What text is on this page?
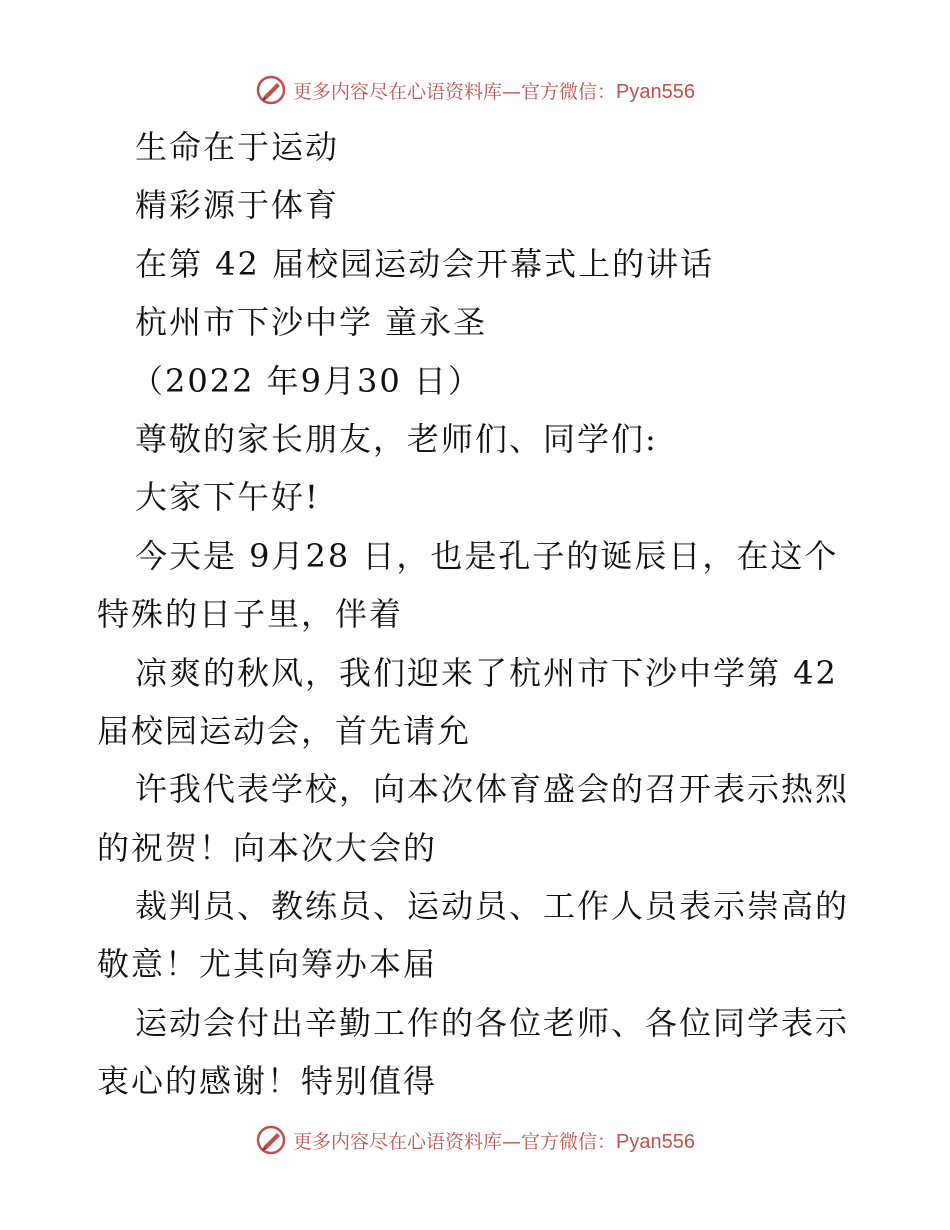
更多内容尽在心语资料库—官方微信：Pyan556
生命在于运动
精彩源于体育
在第 42 届校园运动会开幕式上的讲话
杭州市下沙中学 童永圣
（2022 年9月30 日）
尊敬的家长朋友，老师们、同学们:
大家下午好!
今天是 9月28 日，也是孔子的诞辰日，在这个
特殊的日子里，伴着
凉爽的秋风，我们迎来了杭州市下沙中学第 42
届校园运动会，首先请允
许我代表学校，向本次体育盛会的召开表示热烈
的祝贺！向本次大会的
裁判员、教练员、运动员、工作人员表示崇高的
敬意！尤其向筹办本届
运动会付出辛勤工作的各位老师、各位同学表示
衷心的感谢！特别值得
更多内容尽在心语资料库—官方微信：Pyan556
